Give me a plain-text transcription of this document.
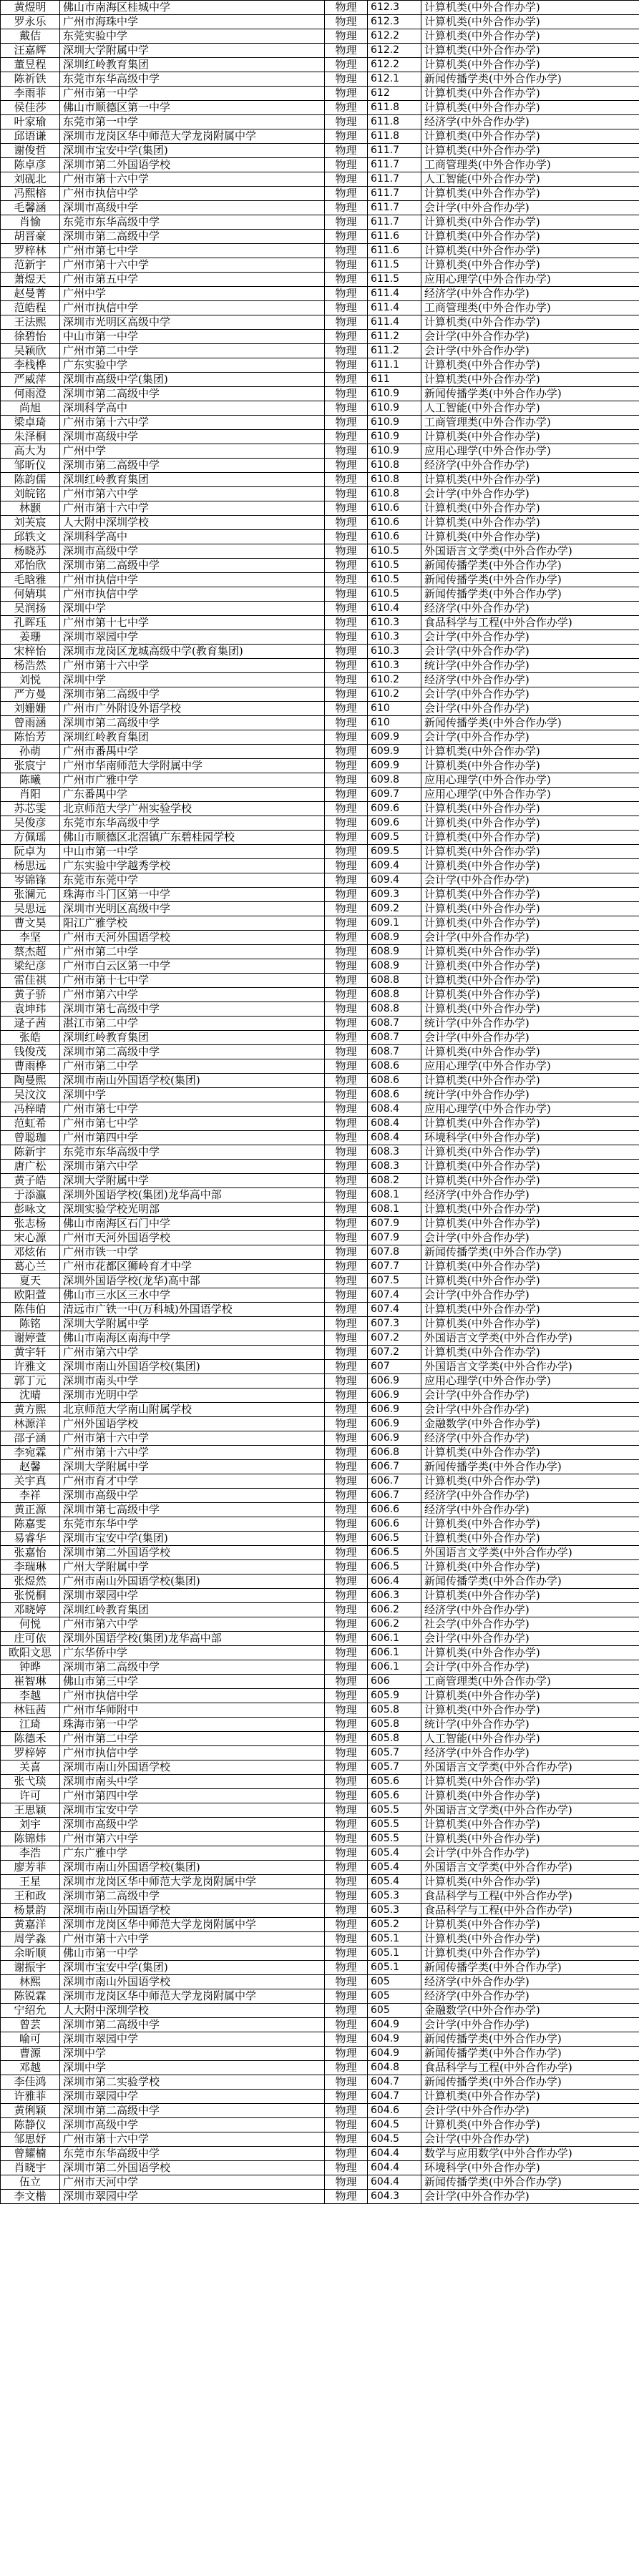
黄煜明	佛山市南海区桂城中学	物理	612.3	计算机类(中外合作办学)
罗永乐	广州市海珠中学	物理	612.3	计算机类(中外合作办学)
戴佶	东莞实验中学	物理	612.2	计算机类(中外合作办学)
汪嘉辉	深圳大学附属中学	物理	612.2	计算机类(中外合作办学)
董昱程	深圳红岭教育集团	物理	612.2	计算机类(中外合作办学)
陈祈铁	东莞市东华高级中学	物理	612.1	新闻传播学类(中外合作办学)
李雨菲	广州市第一中学	物理	612	计算机类(中外合作办学)
侯佳莎	佛山市顺德区第一中学	物理	611.8	计算机类(中外合作办学)
叶家瑜	东莞市第一中学	物理	611.8	经济学(中外合作办学)
邱语谦	深圳市龙岗区华中师范大学龙岗附属中学	物理	611.8	计算机类(中外合作办学)
谢俊哲	深圳市宝安中学(集团)	物理	611.7	计算机类(中外合作办学)
陈卓彦	深圳市第二外国语学校	物理	611.7	工商管理类(中外合作办学)
刘砚北	广州市第十六中学	物理	611.7	人工智能(中外合作办学)
冯熙榕	广州市执信中学	物理	611.7	计算机类(中外合作办学)
毛馨涵	深圳市高级中学	物理	611.7	会计学(中外合作办学)
肖愉	东莞市东华高级中学	物理	611.7	计算机类(中外合作办学)
胡晋豪	深圳市第二高级中学	物理	611.6	计算机类(中外合作办学)
罗梓林	广州市第七中学	物理	611.6	计算机类(中外合作办学)
范新宇	广州市第十六中学	物理	611.5	计算机类(中外合作办学)
萧煜天	广州市第五中学	物理	611.5	应用心理学(中外合作办学)
赵曼菁	广州中学	物理	611.4	经济学(中外合作办学)
范皓程	广州市执信中学	物理	611.4	工商管理类(中外合作办学)
王法熙	深圳市光明区高级中学	物理	611.4	计算机类(中外合作办学)
徐碧怡	中山市第一中学	物理	611.2	会计学(中外合作办学)
吴颖欣	广州市第二中学	物理	611.2	会计学(中外合作办学)
李栈桦	广东实验中学	物理	611.1	计算机类(中外合作办学)
严威萍	深圳市高级中学(集团)	物理	611	计算机类(中外合作办学)
何雨澄	深圳市第二高级中学	物理	610.9	新闻传播学类(中外合作办学)
尚旭	深圳科学高中	物理	610.9	人工智能(中外合作办学)
梁卓琦	广州市第十六中学	物理	610.9	工商管理类(中外合作办学)
朱泽桐	深圳市高级中学	物理	610.9	计算机类(中外合作办学)
高大为	广州中学	物理	610.9	应用心理学(中外合作办学)
邹昕仪	深圳市第二高级中学	物理	610.8	经济学(中外合作办学)
陈韵儒	深圳红岭教育集团	物理	610.8	计算机类(中外合作办学)
刘皖铭	广州市第六中学	物理	610.8	会计学(中外合作办学)
林颢	广州市第十六中学	物理	610.6	计算机类(中外合作办学)
刘芙宸	人大附中深圳学校	物理	610.6	计算机类(中外合作办学)
邱轶文	深圳科学高中	物理	610.6	计算机类(中外合作办学)
杨晓苏	深圳市高级中学	物理	610.5	外国语言文学类(中外合作办学)
邓怡欣	深圳市第二高级中学	物理	610.5	新闻传播学类(中外合作办学)
毛晗雅	广州市执信中学	物理	610.5	新闻传播学类(中外合作办学)
何婧琪	广州市执信中学	物理	610.5	新闻传播学类(中外合作办学)
吴润扬	深圳中学	物理	610.4	经济学(中外合作办学)
孔晖珏	广州市第十七中学	物理	610.3	食品科学与工程(中外合作办学)
姜珊	深圳市翠园中学	物理	610.3	会计学(中外合作办学)
宋梓怡	深圳市龙岗区龙城高级中学(教育集团)	物理	610.3	会计学(中外合作办学)
杨浩然	广州市第十六中学	物理	610.3	统计学(中外合作办学)
刘悦	深圳中学	物理	610.2	经济学(中外合作办学)
严方曼	深圳市第二高级中学	物理	610.2	会计学(中外合作办学)
刘姗姗	广州市广外附设外语学校	物理	610	会计学(中外合作办学)
曾雨涵	深圳市第二高级中学	物理	610	新闻传播学类(中外合作办学)
陈怡芳	深圳红岭教育集团	物理	609.9	会计学(中外合作办学)
孙萌	广州市番禺中学	物理	609.9	计算机类(中外合作办学)
张宸宁	广州市华南师范大学附属中学	物理	609.9	计算机类(中外合作办学)
陈曦	广州市广雅中学	物理	609.8	应用心理学(中外合作办学)
肖阳	广东番禺中学	物理	609.7	应用心理学(中外合作办学)
苏芯雯	北京师范大学广州实验学校	物理	609.6	计算机类(中外合作办学)
吴俊彦	东莞市东华高级中学	物理	609.6	计算机类(中外合作办学)
方佩瑶	佛山市顺德区北滘镇广东碧桂园学校	物理	609.5	计算机类(中外合作办学)
阮卓为	中山市第一中学	物理	609.5	计算机类(中外合作办学)
杨思远	广东实验中学越秀学校	物理	609.4	计算机类(中外合作办学)
岑锦锋	东莞市东莞中学	物理	609.4	会计学(中外合作办学)
张澜元	珠海市斗门区第一中学	物理	609.3	计算机类(中外合作办学)
吴思远	深圳市光明区高级中学	物理	609.2	计算机类(中外合作办学)
曹文昊	阳江广雅学校	物理	609.1	计算机类(中外合作办学)
李坚	广州市天河外国语学校	物理	608.9	会计学(中外合作办学)
蔡杰超	广州市第二中学	物理	608.9	计算机类(中外合作办学)
梁纪彦	广州市白云区第一中学	物理	608.9	计算机类(中外合作办学)
雷佳祺	广州市第十七中学	物理	608.8	计算机类(中外合作办学)
黄子骄	广州市第六中学	物理	608.8	计算机类(中外合作办学)
袁坤玮	深圳市第七高级中学	物理	608.8	计算机类(中外合作办学)
逯子茜	湛江市第二中学	物理	608.7	统计学(中外合作办学)
张皓	深圳红岭教育集团	物理	608.7	会计学(中外合作办学)
钱俊茂	深圳市第二高级中学	物理	608.7	计算机类(中外合作办学)
曹雨桦	广州市第二中学	物理	608.6	应用心理学(中外合作办学)
陶曼熙	深圳市南山外国语学校(集团)	物理	608.6	计算机类(中外合作办学)
吴汶汶	深圳中学	物理	608.6	统计学(中外合作办学)
冯梓晴	广州市第七中学	物理	608.4	应用心理学(中外合作办学)
范虹希	广州市第七中学	物理	608.4	计算机类(中外合作办学)
曾聪珈	广州市第四中学	物理	608.4	环境科学(中外合作办学)
陈新宇	东莞市东华高级中学	物理	608.3	计算机类(中外合作办学)
唐广松	深圳市第六中学	物理	608.3	计算机类(中外合作办学)
黄子皓	深圳大学附属中学	物理	608.2	计算机类(中外合作办学)
于添瀛	深圳外国语学校(集团)龙华高中部	物理	608.1	经济学(中外合作办学)
彭咏文	深圳实验学校光明部	物理	608.1	计算机类(中外合作办学)
张志杨	佛山市南海区石门中学	物理	607.9	计算机类(中外合作办学)
宋心源	广州市天河外国语学校	物理	607.9	会计学(中外合作办学)
邓炫佑	广州市铁一中学	物理	607.8	新闻传播学类(中外合作办学)
葛心兰	广州市花都区狮岭育才中学	物理	607.7	计算机类(中外合作办学)
夏天	深圳外国语学校(龙华)高中部	物理	607.5	计算机类(中外合作办学)
欧阳萱	佛山市三水区三水中学	物理	607.4	会计学(中外合作办学)
陈伟伯	清远市广铁一中(万科城)外国语学校	物理	607.4	计算机类(中外合作办学)
陈铭	深圳大学附属中学	物理	607.3	计算机类(中外合作办学)
谢婷萱	佛山市南海区南海中学	物理	607.2	外国语言文学类(中外合作办学)
黄宇轩	广州市第六中学	物理	607.2	计算机类(中外合作办学)
许雅文	深圳市南山外国语学校(集团)	物理	607	外国语言文学类(中外合作办学)
郭丁元	深圳市南头中学	物理	606.9	应用心理学(中外合作办学)
沈晴	深圳市光明中学	物理	606.9	会计学(中外合作办学)
黄方熙	北京师范大学南山附属学校	物理	606.9	会计学(中外合作办学)
林源洋	广州外国语学校	物理	606.9	金融数学(中外合作办学)
邵子涵	广州市第十六中学	物理	606.9	经济学(中外合作办学)
李宛霖	广州市第十六中学	物理	606.8	计算机类(中外合作办学)
赵馨	深圳大学附属中学	物理	606.7	新闻传播学类(中外合作办学)
关宇真	广州市育才中学	物理	606.7	计算机类(中外合作办学)
李祥	深圳市高级中学	物理	606.7	经济学(中外合作办学)
黄正源	深圳市第七高级中学	物理	606.6	经济学(中外合作办学)
陈嘉雯	东莞市东华中学	物理	606.6	计算机类(中外合作办学)
易睿华	深圳市宝安中学(集团)	物理	606.5	计算机类(中外合作办学)
张嘉怡	深圳市第二外国语学校	物理	606.5	外国语言文学类(中外合作办学)
李瑞琳	广州大学附属中学	物理	606.5	计算机类(中外合作办学)
张煜然	广州市南山外国语学校(集团)	物理	606.4	新闻传播学类(中外合作办学)
张悦桐	深圳市翠园中学	物理	606.3	计算机类(中外合作办学)
邓晓婷	深圳红岭教育集团	物理	606.2	经济学(中外合作办学)
何悦	广州市第六中学	物理	606.2	社会学(中外合作办学)
庄可依	深圳外国语学校(集团)龙华高中部	物理	606.1	会计学(中外合作办学)
欧阳文思	广东华侨中学	物理	606.1	计算机类(中外合作办学)
钟晔	深圳市第二高级中学	物理	606.1	会计学(中外合作办学)
崔智琳	佛山市第三中学	物理	606	工商管理类(中外合作办学)
李越	广州市执信中学	物理	605.9	计算机类(中外合作办学)
林钰茜	广州市华师附中	物理	605.8	计算机类(中外合作办学)
江琦	珠海市第一中学	物理	605.8	统计学(中外合作办学)
陈德禾	广州市第二中学	物理	605.8	人工智能(中外合作办学)
罗梓婷	广州市执信中学	物理	605.7	经济学(中外合作办学)
关喜	深圳市南山外国语学校	物理	605.7	外国语言文学类(中外合作办学)
张弋琰	深圳市南头中学	物理	605.6	计算机类(中外合作办学)
许可	广州市第四中学	物理	605.6	计算机类(中外合作办学)
王思颖	深圳市宝安中学	物理	605.5	外国语言文学类(中外合作办学)
刘宇	深圳市高级中学	物理	605.5	计算机类(中外合作办学)
陈锦炜	广州市第六中学	物理	605.5	计算机类(中外合作办学)
李浩	广东广雅中学	物理	605.4	会计学(中外合作办学)
廖芳菲	深圳市南山外国语学校(集团)	物理	605.4	外国语言文学类(中外合作办学)
王星	深圳市龙岗区华中师范大学龙岗附属中学	物理	605.4	计算机类(中外合作办学)
王和政	深圳市第二高级中学	物理	605.3	食品科学与工程(中外合作办学)
杨景韵	深圳市南山外国语学校	物理	605.3	食品科学与工程(中外合作办学)
黄嘉洋	深圳市龙岗区华中师范大学龙岗附属中学	物理	605.2	计算机类(中外合作办学)
周学淼	广州市第十六中学	物理	605.1	计算机类(中外合作办学)
余昕顺	佛山市第一中学	物理	605.1	计算机类(中外合作办学)
谢振宇	深圳市宝安中学(集团)	物理	605.1	新闻传播学类(中外合作办学)
林熙	深圳市南山外国语学校	物理	605	经济学(中外合作办学)
陈锐霖	深圳市龙岗区华中师范大学龙岗附属中学	物理	605	经济学(中外合作办学)
宁绍允	人大附中深圳学校	物理	605	金融数学(中外合作办学)
曾芸	深圳市第二高级中学	物理	604.9	会计学(中外合作办学)
喻可	深圳市翠园中学	物理	604.9	新闻传播学类(中外合作办学)
曹源	深圳中学	物理	604.9	新闻传播学类(中外合作办学)
邓越	深圳中学	物理	604.8	食品科学与工程(中外合作办学)
李佳鸿	深圳市第二实验学校	物理	604.7	新闻传播学类(中外合作办学)
许雅菲	深圳市翠园中学	物理	604.7	计算机类(中外合作办学)
黄俐颖	深圳市第二高级中学	物理	604.6	会计学(中外合作办学)
陈静仪	深圳市高级中学	物理	604.5	计算机类(中外合作办学)
邹思妤	广州市第十六中学	物理	604.5	会计学(中外合作办学)
曾耀楠	东莞市东华高级中学	物理	604.4	数学与应用数学(中外合作办学)
肖晓宇	深圳市第二外国语学校	物理	604.4	环境科学(中外合作办学)
伍立	广州市天河中学	物理	604.4	新闻传播学类(中外合作办学)
李文楷	深圳市翠园中学	物理	604.3	会计学(中外合作办学)
